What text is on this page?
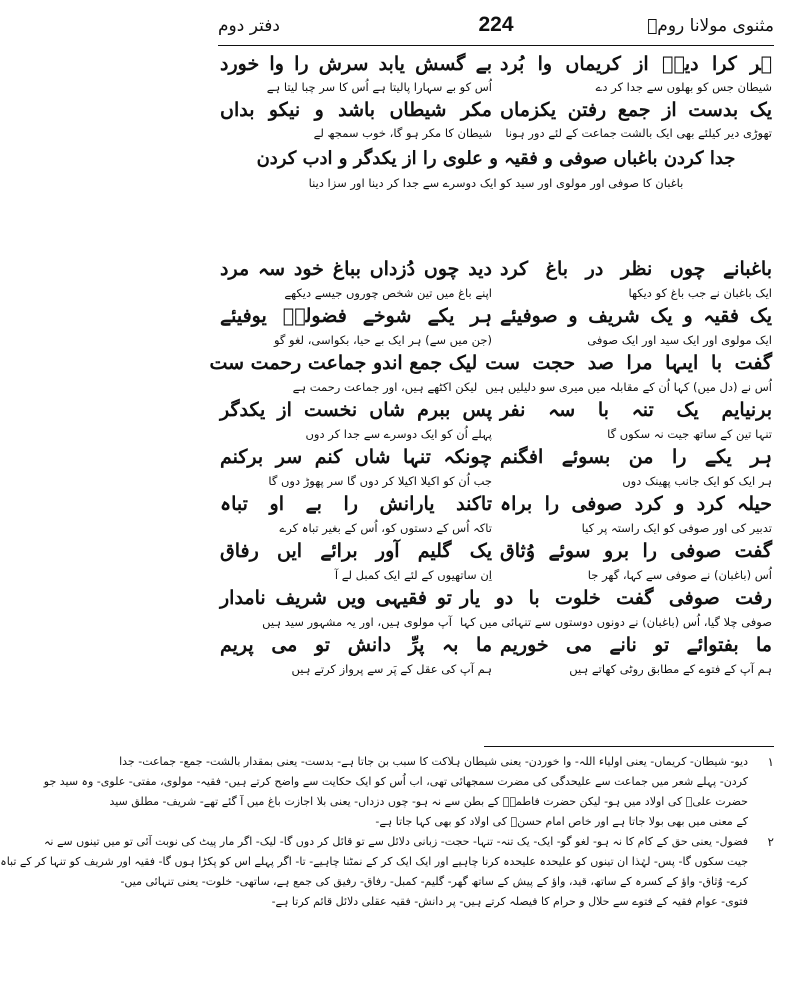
مثنوی مولانا رومؒ
224
دفتر دوم
ہر کرا دیوؒ از کریماں وا بُرد
شیطان جس کو بھلوں سے جدا کر دے
بے گسش یابد سرش را وا خورد
اُس کو بے سہارا پالیتا ہے اُس کا سر چبا لیتا ہے
یک بدست از جمع رفتن یکزماں
تھوڑی دیر کیلئے بھی ایک بالشت جماعت کے لئے دور ہونا
مکر شیطاں باشد و نیکو بداں
شیطان کا مکر ہو گا، خوب سمجھ لے
جدا کردن باغباں صوفی و فقیہ و علوی را از یکدگر و ادب کردن
باغبان کا صوفی اور مولوی اور سید کو ایک دوسرے سے جدا کر دینا اور سزا دینا
باغبانے چوں نظر در باغ کرد
ایک باغبان نے جب باغ کو دیکھا
دید چوں دُزداں بباغ خود سہ مرد
اپنے باغ میں تین شخص چوروں جیسے دیکھے
یک فقیہ و یک شریف و صوفیئے
ایک مولوی اور ایک سید اور ایک صوفی
ہر یکے شوخے فضولیؒ یوفیئے
(جن میں سے) ہر ایک بے حیا، بکواسی، لغو گو
گفت با ایںہا مرا صد حجت ست
اُس نے (دل میں) کہا اُن کے مقابلہ میں میری سو دلیلیں ہیں
لیک جمع اندو جماعت رحمت ست
لیکن اکٹھے ہیں، اور جماعت رحمت ہے
برنیایم یک تنہ با سہ نفر
تنہا تین کے ساتھ جیت نہ سکوں گا
پس ببرم شاں نخست از یکدگر
پہلے اُن کو ایک دوسرے سے جدا کر دوں
ہر یکے را من بسوئے افگنم
ہر ایک کو ایک جانب پھینک دوں
چونکہ تنہا شاں کنم سر برکنم
جب اُن کو اکیلا اکیلا کر دوں گا سر پھوڑ دوں گا
حیلہ کرد و کرد صوفی را براہ
تدبیر کی اور صوفی کو ایک راستہ پر کیا
تاکند یارانش را بے او تباہ
تاکہ اُس کے دستوں کو، اُس کے بغیر تباہ کرے
گفت صوفی را برو سوئے وُثاق
اُس (باغبان) نے صوفی سے کہا، گھر جا
یک گلیم آور برائے ایں رفاق
اِن ساتھیوں کے لئے ایک کمبل لے آ
رفت صوفی گفت خلوت با دو یار
صوفی چلا گیا، اُس (باغبان) نے دونوں دوستوں سے تنہائی میں کہا
تو فقیہی ویں شریف نامدار
آپ مولوی ہیں، اور یہ مشہور سید ہیں
ما بفتوائے تو نانے می خوریم
ہم آپ کے فتوے کے مطابق روٹی کھاتے ہیں
ما بہ پرِّ دانش تو می پریم
ہم آپ کی عقل کے پَر سے پرواز کرتے ہیں
۱
دیو- شیطان- کریماں- یعنی اولیاء اللہ- وا خوردن- یعنی شیطان ہلاکت کا سبب بن جاتا ہے- بدست- یعنی بمقدار بالشت- جمع- جماعت- جدا
کردن- پہلے شعر میں جماعت سے علیحدگی کی مضرت سمجھائی تھی، اب اُس کو ایک حکایت سے واضح کرتے ہیں- فقیہ- مولوی، مفتی- علوی- وہ سید جو
حضرت علیؓ کی اولاد میں ہو- لیکن حضرت فاطمہؓ کے بطن سے نہ ہو- چوں دزداں- یعنی بلا اجازت باغ میں آ گئے تھے- شریف- مطلق سید
کے معنی میں بھی بولا جاتا ہے اور خاص امام حسنؓ کی اولاد کو بھی کہا جاتا ہے-
۲
فضول- یعنی حق کے کام کا نہ ہو- لغو گو- ایک- یک تنہ- تنہا- حجت- زبانی دلائل سے تو قائل کر دوں گا- لیک- اگر مار پیٹ کی نوبت آئی تو میں تینوں سے نہ
جیت سکوں گا- پس- لہٰذا ان تینوں کو علیحدہ علیحدہ کرنا چاہیے اور ایک ایک کر کے نمٹنا چاہیے- تا- اگر پہلے اس کو پکڑا ہوں گا- فقیہ اور شریف کو تنہا کر کے تباہ
کرے- وُثاق- واؤ کے کسرہ کے ساتھ، قید، واؤ کے پیش کے ساتھ گھر- گلیم- کمبل- رفاق- رفیق کی جمع ہے، ساتھی- خلوت- یعنی تنہائی میں-
فتوی- عوام فقیہ کے فتوے سے حلال و حرام کا فیصلہ کرتے ہیں- پر دانش- فقیہ عقلی دلائل قائم کرتا ہے-
